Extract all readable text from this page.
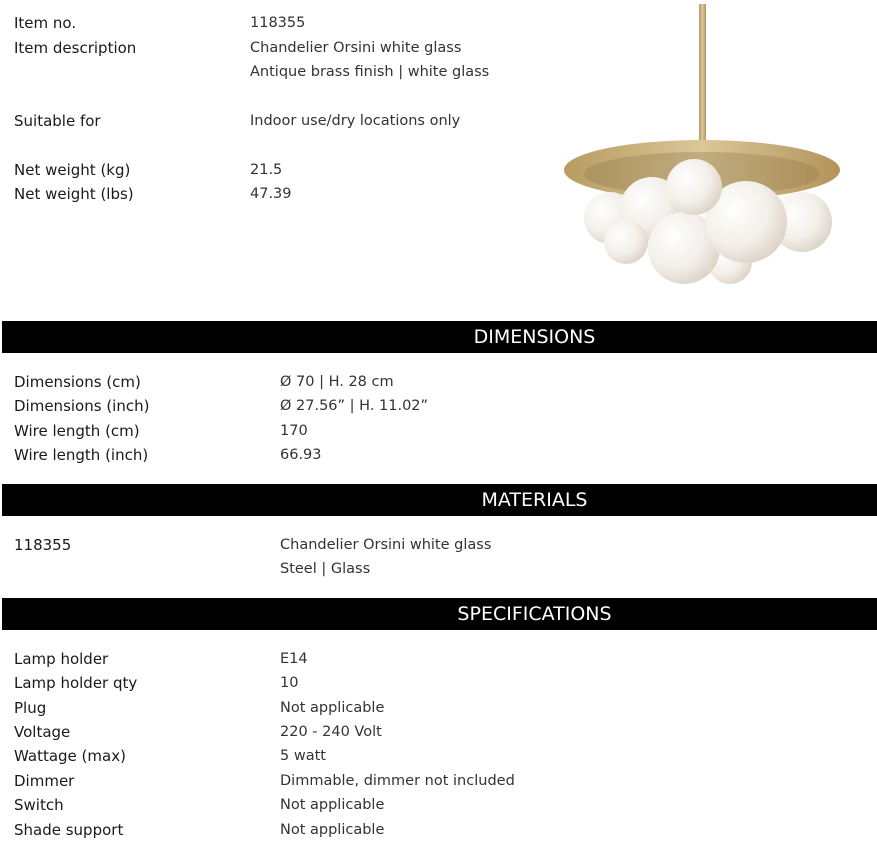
Item no.	118355
Item description	Chandelier Orsini white glass
Antique brass finish | white glass
Suitable for	Indoor use/dry locations only
Net weight (kg)	21.5
Net weight (lbs)	47.39
DIMENSIONS
Dimensions (cm)	Ø 70 | H. 28 cm
Dimensions (inch)	Ø 27.56” | H. 11.02”
Wire length (cm)	170
Wire length (inch)	66.93
MATERIALS
118355	Chandelier Orsini white glass
Steel | Glass
SPECIFICATIONS
Lamp holder	E14
Lamp holder qty	10
Plug	Not applicable
Voltage	220 - 240 Volt
Wattage (max)	5 watt
Dimmer	Dimmable, dimmer not included
Switch	Not applicable
Shade support	Not applicable
